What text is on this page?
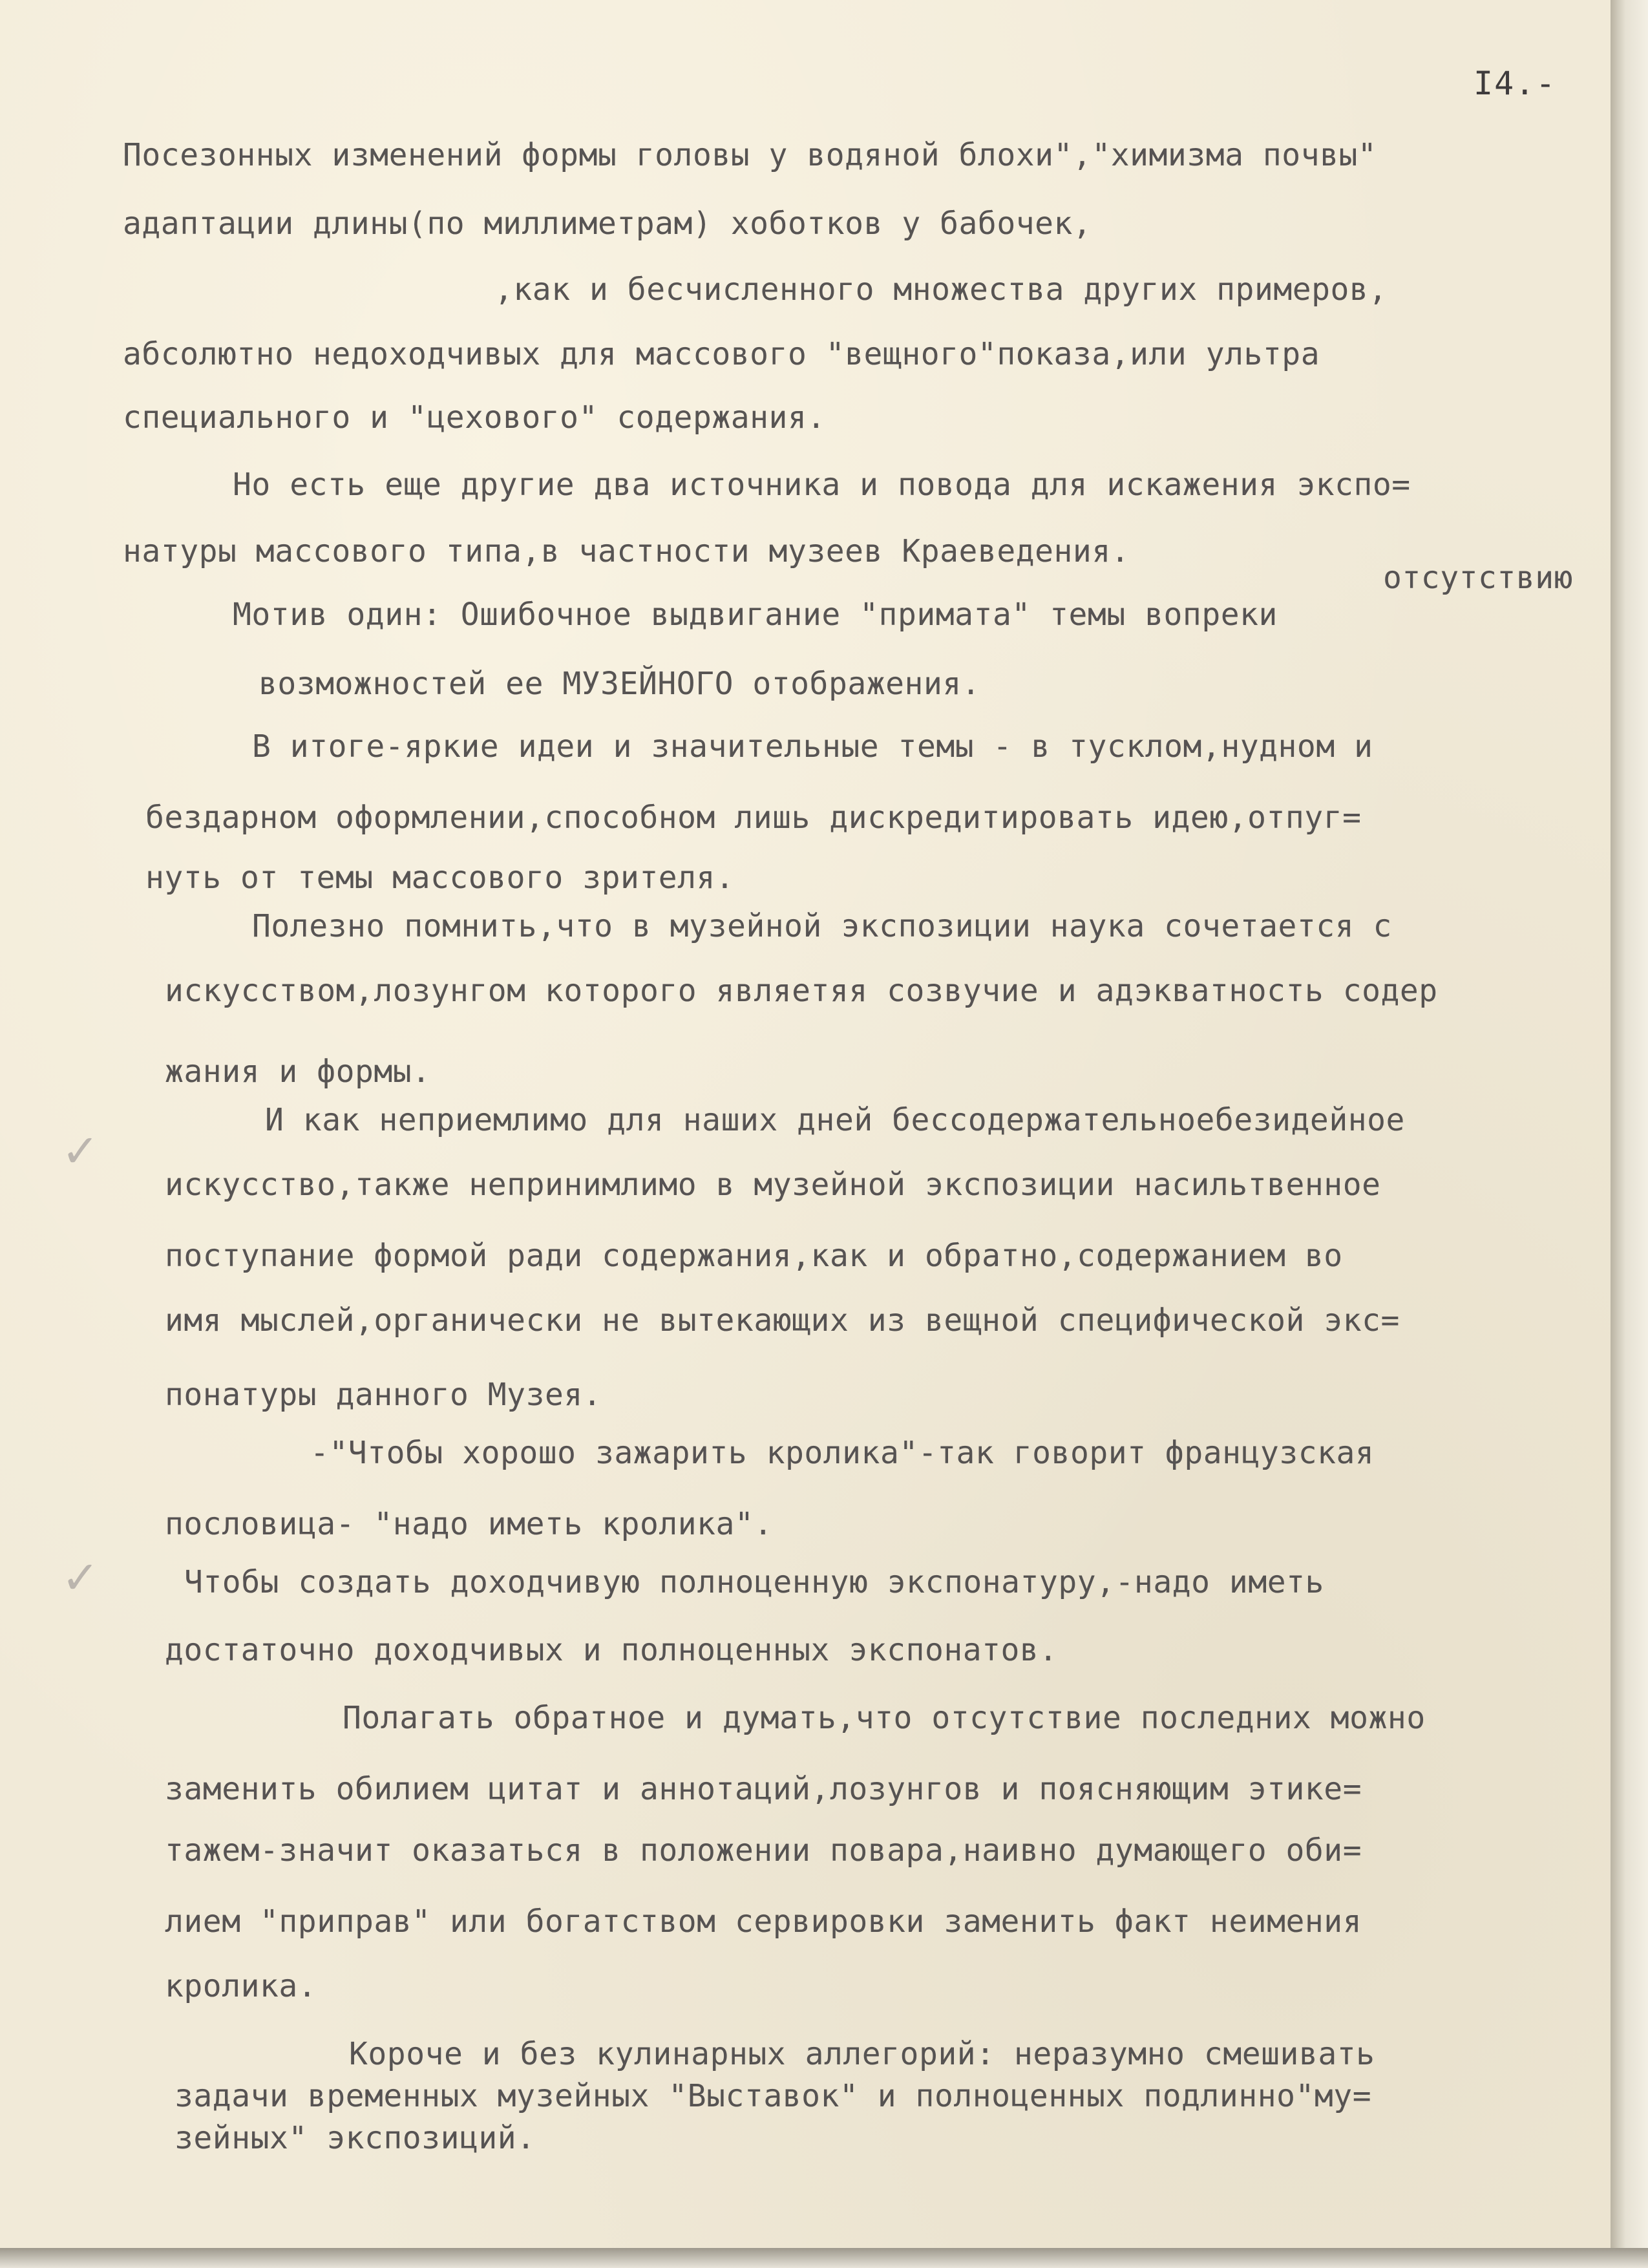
I4.-
Посезонных изменений формы головы у водяной блохи","химизма почвы"
адаптации длины(по миллиметрам) хоботков у бабочек,
,как и бесчисленного множества других примеров,
абсолютно недоходчивых для массового "вещного"показа,или ультра
специального и "цехового" содержания.
Но есть еще другие два источника и повода для искажения экспо=
натуры массового типа,в частности музеев Краеведения.
отсутствию
Мотив один: Ошибочное выдвигание "примата" темы вопреки
возможностей ее МУЗЕЙНОГО отображения.
В итоге-яркие идеи и значительные темы - в тусклом,нудном и
бездарном оформлении,способном лишь дискредитировать идею,отпуг=
нуть от темы массового зрителя.
Полезно помнить,что в музейной экспозиции наука сочетается с
искусством,лозунгом которого являетяя созвучие и адэкватность содер
жания и формы.
И как неприемлимо для наших дней бессодержательноебезидейное
искусство,также непринимлимо в музейной экспозиции насильтвенное
поступание формой ради содержания,как и обратно,содержанием во
имя мыслей,органически не вытекающих из вещной специфической экс=
понатуры данного Музея.
-"Чтобы хорошо зажарить кролика"-так говорит французская
пословица- "надо иметь кролика".
Чтобы создать доходчивую полноценную экспонатуру,-надо иметь
достаточно доходчивых и полноценных экспонатов.
Полагать обратное и думать,что отсутствие последних можно
заменить обилием цитат и аннотаций,лозунгов и поясняющим этике=
тажем-значит оказаться в положении повара,наивно думающего оби=
лием "приправ" или богатством сервировки заменить факт неимения
кролика.
Короче и без кулинарных аллегорий: неразумно смешивать
задачи временных музейных "Выставок" и полноценных подлинно"му=
зейных" экспозиций.
✓
✓
